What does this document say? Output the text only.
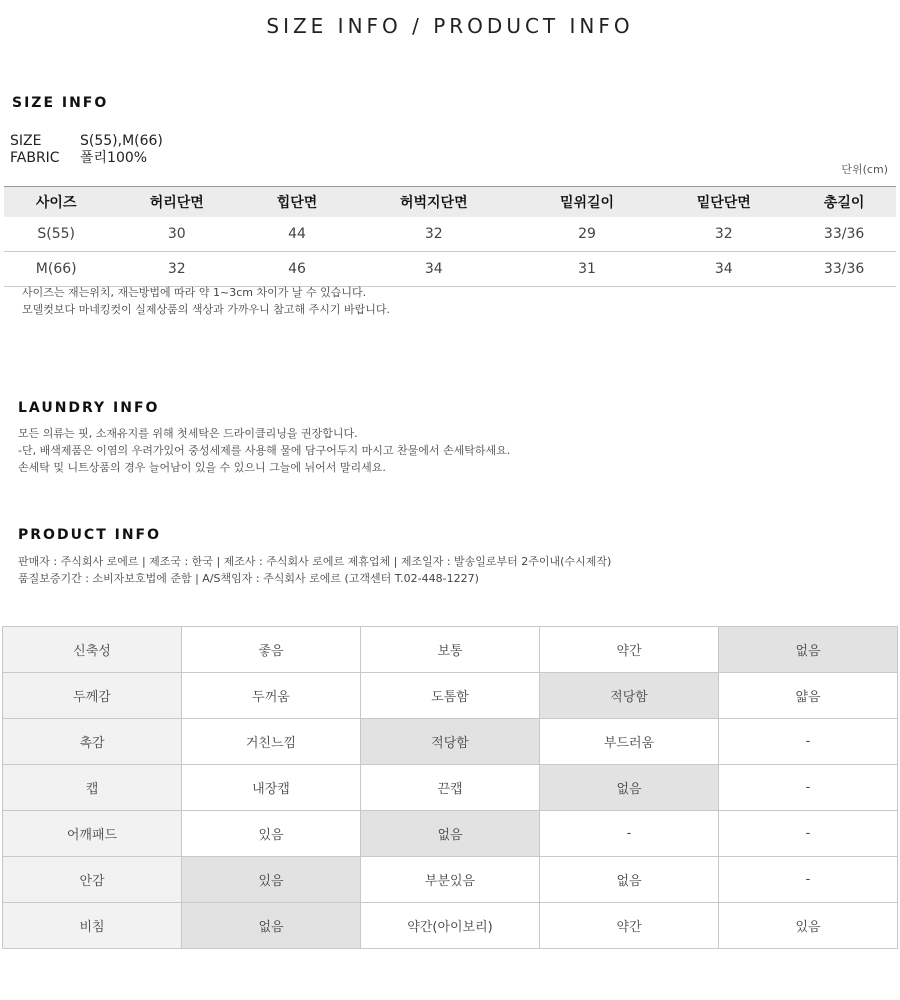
SIZE INFO / PRODUCT INFO
SIZE INFO
SIZE	S(55),M(66)
FABRIC 폴리100%
단위(cm)
사이즈	허리단면	힙단면	허벅지단면	밑위길이	밑단단면	총길이
S(55)	30	44	32	29	32	33/36
M(66)	32	46	34	31	34	33/36
사이즈는 재는위치, 재는방법에 따라 약 1~3cm 차이가 날 수 있습니다.
모델컷보다 마네킹컷이 실제상품의 색상과 가까우니 참고해 주시기 바랍니다.
LAUNDRY INFO
모든 의류는 핏, 소재유지를 위해 첫세탁은 드라이클리닝을 권장합니다.
-단, 배색제품은 이염의 우려가있어 중성세제를 사용해 물에 담구어두지 마시고 찬물에서 손세탁하세요.
손세탁 및 니트상품의 경우 늘어남이 있을 수 있으니 그늘에 뉘어서 말리세요.
PRODUCT INFO
판매자 : 주식회사 로에르 | 제조국 : 한국 | 제조사 : 주식회사 로에르 제휴업체 | 제조일자 : 발송일로부터 2주이내(수시제작)
품질보증기간 : 소비자보호법에 준함 | A/S책임자 : 주식회사 로에르 (고객센터 T.02-448-1227)
신축성	좋음	보통	약간	없음
두께감	두꺼움	도톰함	적당함	얇음
촉감	거친느낌	적당함	부드러움	-
캡	내장캡	끈캡	없음	-
어깨패드	있음	없음	-	-
안감	있음	부분있음	없음	-
비침	없음	약간(아이보리)	약간	있음
